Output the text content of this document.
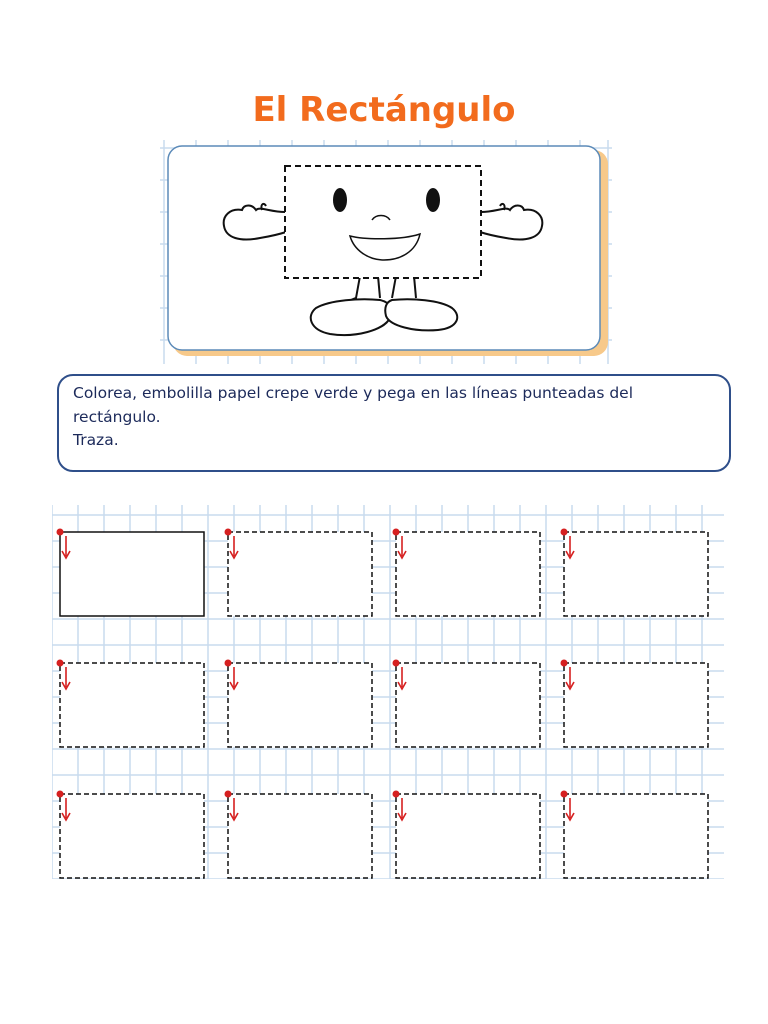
El Rectángulo

Colorea, embolilla papel crepe verde y pega en las líneas punteadas del rectángulo.

Traza.
